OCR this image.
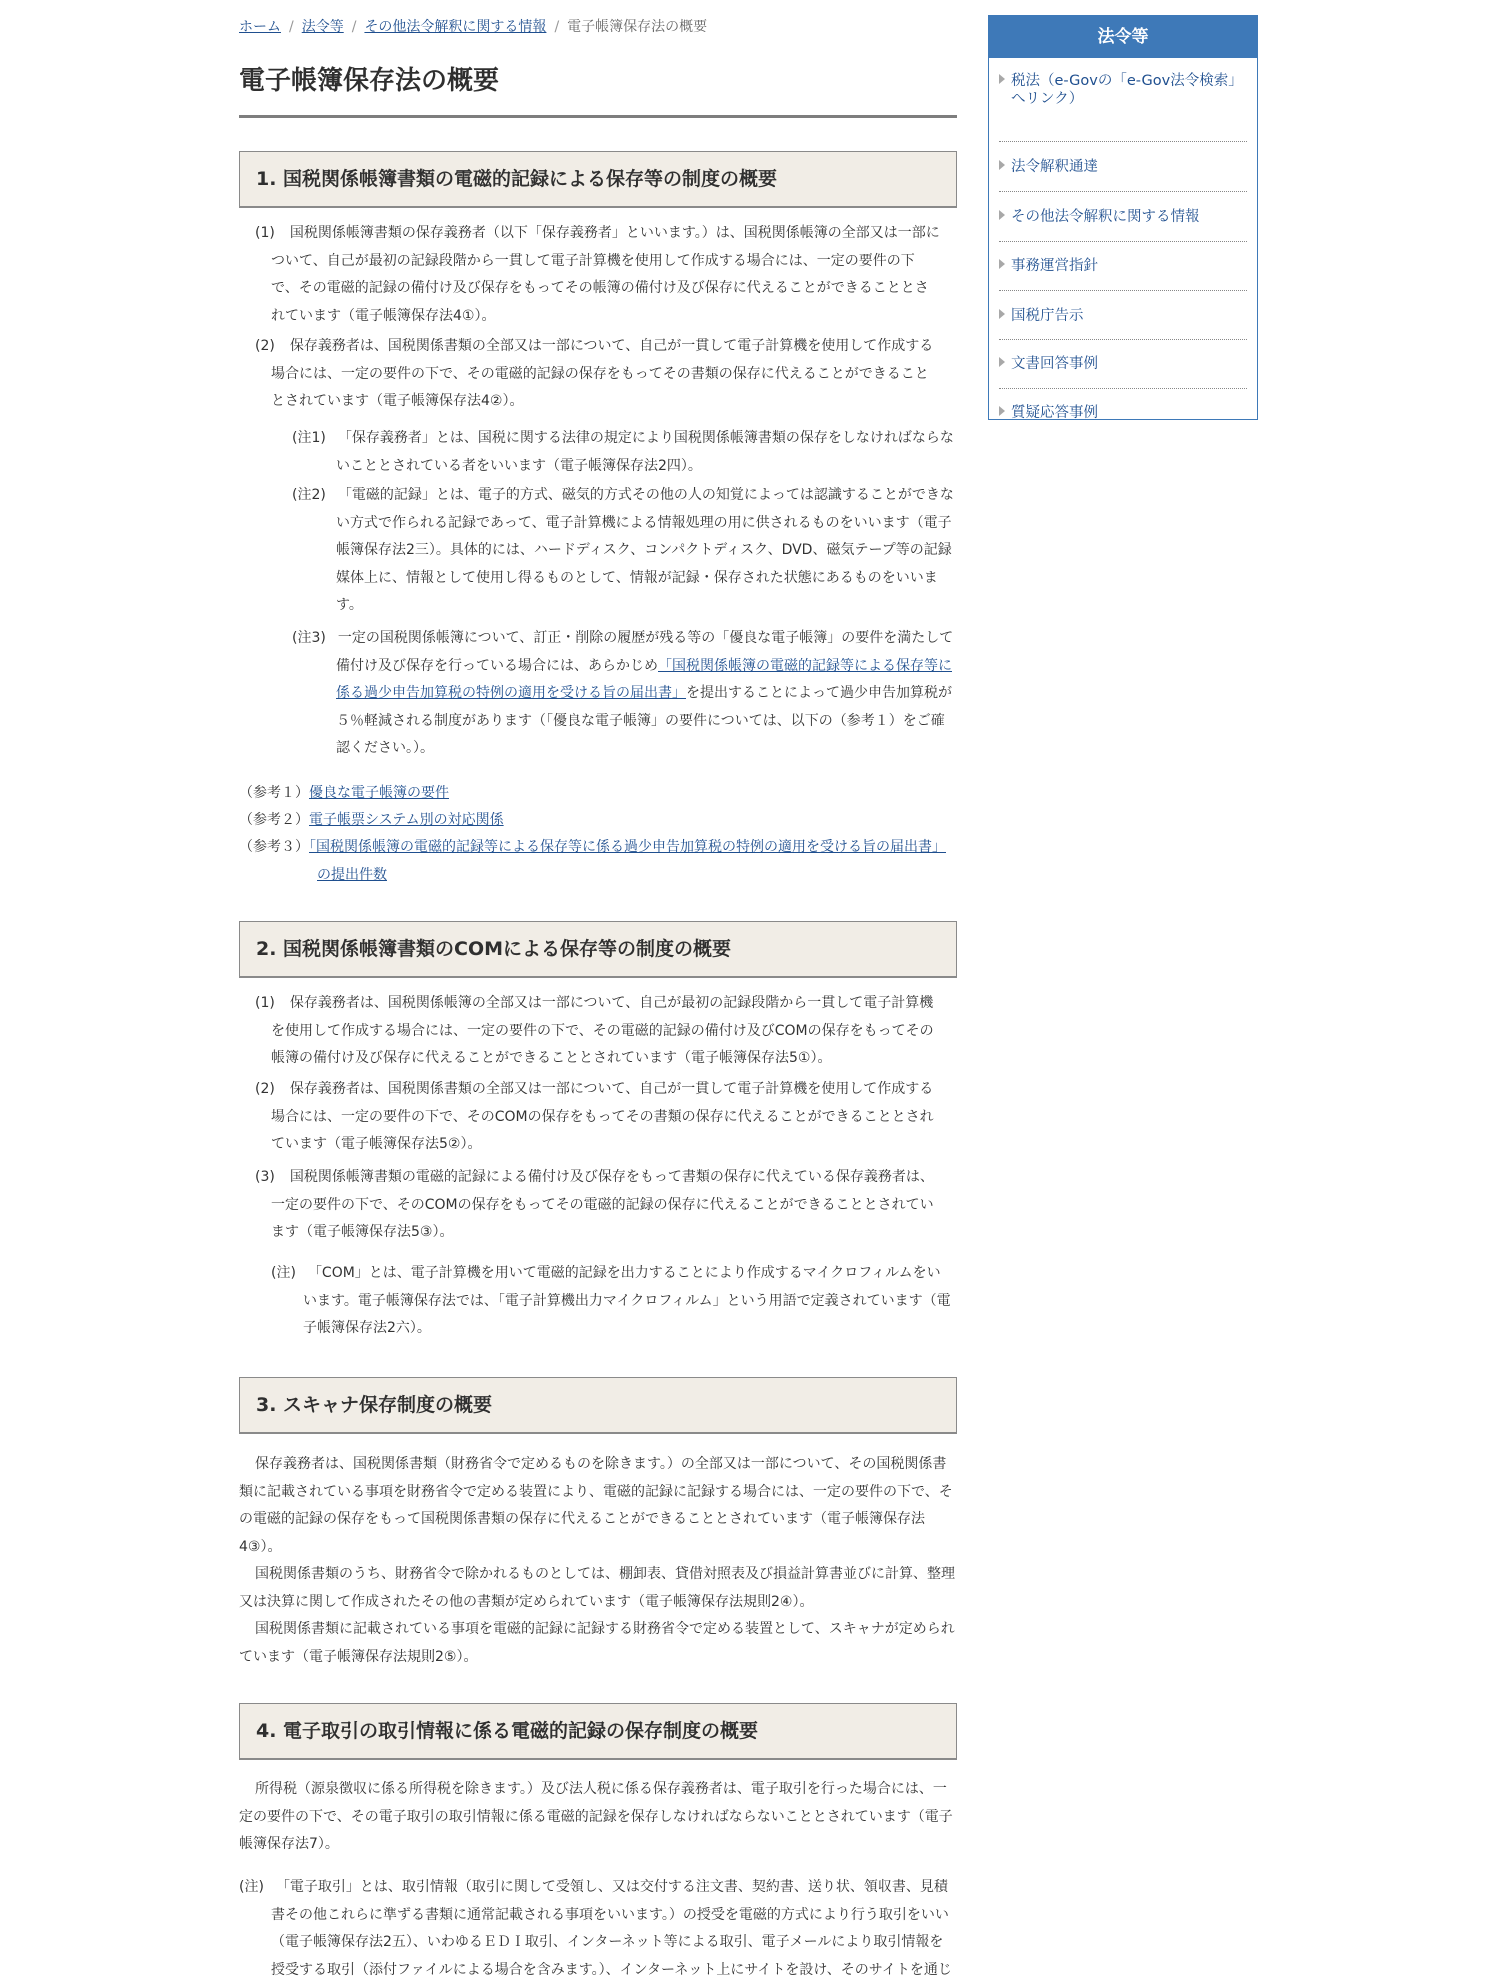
ホーム / 法令等 / その他法令解釈に関する情報 / 電子帳簿保存法の概要
電子帳簿保存法の概要
1. 国税関係帳簿書類の電磁的記録による保存等の制度の概要

(1) 国税関係帳簿書類の保存義務者（以下「保存義務者」といいます。）は、国税関係帳簿の全部又は一部について、自己が最初の記録段階から一貫して電子計算機を使用して作成する場合には、一定の要件の下で、その電磁的記録の備付け及び保存をもってその帳簿の備付け及び保存に代えることができることとされています（電子帳簿保存法4①）。

(2) 保存義務者は、国税関係書類の全部又は一部について、自己が一貫して電子計算機を使用して作成する場合には、一定の要件の下で、その電磁的記録の保存をもってその書類の保存に代えることができることとされています（電子帳簿保存法4②）。

(注1) 「保存義務者」とは、国税に関する法律の規定により国税関係帳簿書類の保存をしなければならないこととされている者をいいます（電子帳簿保存法2四）。

(注2) 「電磁的記録」とは、電子的方式、磁気的方式その他の人の知覚によっては認識することができない方式で作られる記録であって、電子計算機による情報処理の用に供されるものをいいます（電子帳簿保存法2三）。具体的には、ハードディスク、コンパクトディスク、DVD、磁気テープ等の記録媒体上に、情報として使用し得るものとして、情報が記録・保存された状態にあるものをいいます。

(注3) 一定の国税関係帳簿について、訂正・削除の履歴が残る等の「優良な電子帳簿」の要件を満たして備付け及び保存を行っている場合には、あらかじめ「国税関係帳簿の電磁的記録等による保存等に係る過少申告加算税の特例の適用を受ける旨の届出書」を提出することによって過少申告加算税が５％軽減される制度があります（「優良な電子帳簿」の要件については、以下の（参考１）をご確認ください。）。

（参考１）優良な電子帳簿の要件
（参考２）電子帳票システム別の対応関係
（参考３）「国税関係帳簿の電磁的記録等による保存等に係る過少申告加算税の特例の適用を受ける旨の届出書」の提出件数
2. 国税関係帳簿書類のCOMによる保存等の制度の概要

(1) 保存義務者は、国税関係帳簿の全部又は一部について、自己が最初の記録段階から一貫して電子計算機を使用して作成する場合には、一定の要件の下で、その電磁的記録の備付け及びCOMの保存をもってその帳簿の備付け及び保存に代えることができることとされています（電子帳簿保存法5①）。

(2) 保存義務者は、国税関係書類の全部又は一部について、自己が一貫して電子計算機を使用して作成する場合には、一定の要件の下で、そのCOMの保存をもってその書類の保存に代えることができることとされています（電子帳簿保存法5②）。

(3) 国税関係帳簿書類の電磁的記録による備付け及び保存をもって書類の保存に代えている保存義務者は、一定の要件の下で、そのCOMの保存をもってその電磁的記録の保存に代えることができることとされています（電子帳簿保存法5③）。

(注) 「COM」とは、電子計算機を用いて電磁的記録を出力することにより作成するマイクロフィルムをいいます。電子帳簿保存法では、「電子計算機出力マイクロフィルム」という用語で定義されています（電子帳簿保存法2六）。

3. スキャナ保存制度の概要

保存義務者は、国税関係書類（財務省令で定めるものを除きます。）の全部又は一部について、その国税関係書類に記載されている事項を財務省令で定める装置により、電磁的記録に記録する場合には、一定の要件の下で、その電磁的記録の保存をもって国税関係書類の保存に代えることができることとされています（電子帳簿保存法4③）。

国税関係書類のうち、財務省令で除かれるものとしては、棚卸表、貸借対照表及び損益計算書並びに計算、整理又は決算に関して作成されたその他の書類が定められています（電子帳簿保存法規則2④）。

国税関係書類に記載されている事項を電磁的記録に記録する財務省令で定める装置として、スキャナが定められています（電子帳簿保存法規則2⑤）。

4. 電子取引の取引情報に係る電磁的記録の保存制度の概要

所得税（源泉徴収に係る所得税を除きます。）及び法人税に係る保存義務者は、電子取引を行った場合には、一定の要件の下で、その電子取引の取引情報に係る電磁的記録を保存しなければならないこととされています（電子帳簿保存法7）。

(注) 「電子取引」とは、取引情報（取引に関して受領し、又は交付する注文書、契約書、送り状、領収書、見積書その他これらに準ずる書類に通常記載される事項をいいます。）の授受を電磁的方式により行う取引をいい（電子帳簿保存法2五）、いわゆるＥＤＩ取引、インターネット等による取引、電子メールにより取引情報を授受する取引（添付ファイルによる場合を含みます。）、インターネット上にサイトを設け、そのサイトを通じ

法令等
税法（e-Govの「e-Gov法令検索」へリンク）
法令解釈通達
その他法令解釈に関する情報
事務運営指針
国税庁告示
文書回答事例
質疑応答事例
